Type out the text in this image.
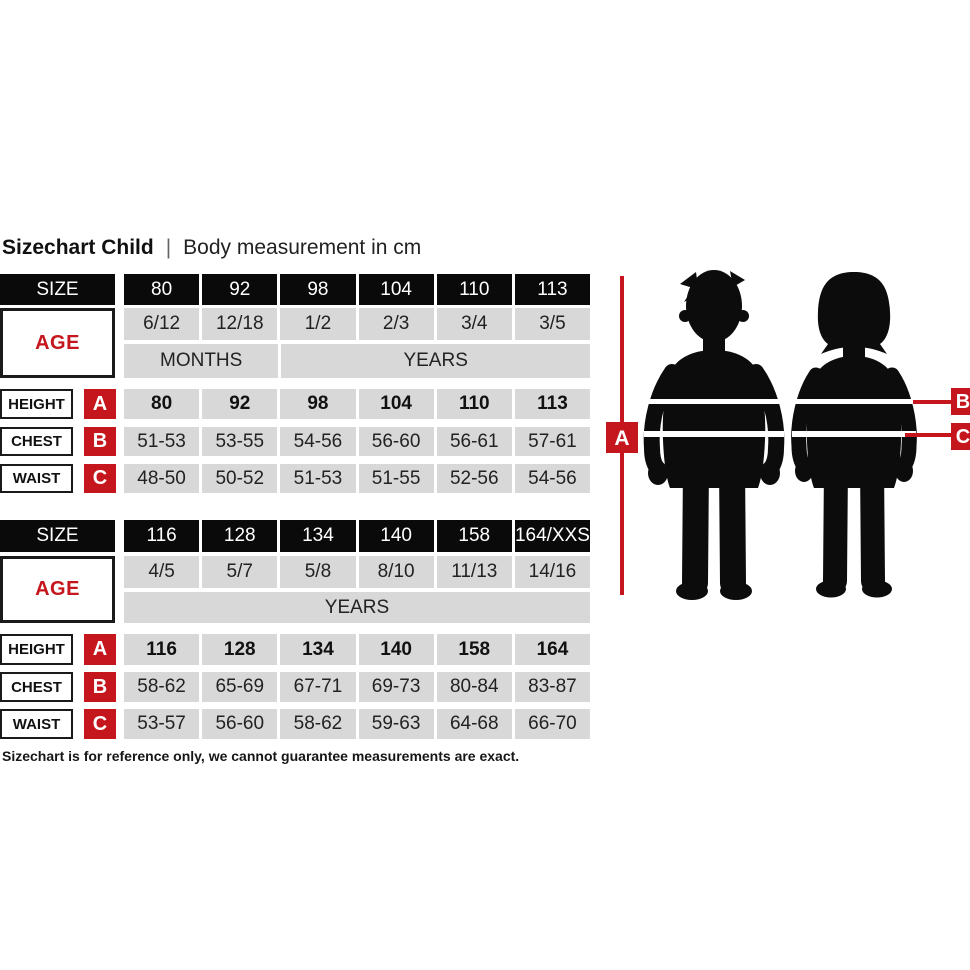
Sizechart Child | Body measurement in cm
SIZE	80	92	98	104	110	113
AGE
6/12	12/18	1/2	2/3	3/4	3/5
MONTHS	YEARS
HEIGHT	A	80	92	98	104	110	113
CHEST	B	51-53	53-55	54-56	56-60	56-61	57-61
WAIST	C	48-50	50-52	51-53	51-55	52-56	54-56
SIZE	116	128	134	140	158	164/XXS
AGE
4/5	5/7	5/8	8/10	11/13	14/16
YEARS
HEIGHT	A	116	128	134	140	158	164
CHEST	B	58-62	65-69	67-71	69-73	80-84	83-87
WAIST	C	53-57	56-60	58-62	59-63	64-68	66-70
Sizechart is for reference only, we cannot guarantee measurements are exact.
A
B
C
